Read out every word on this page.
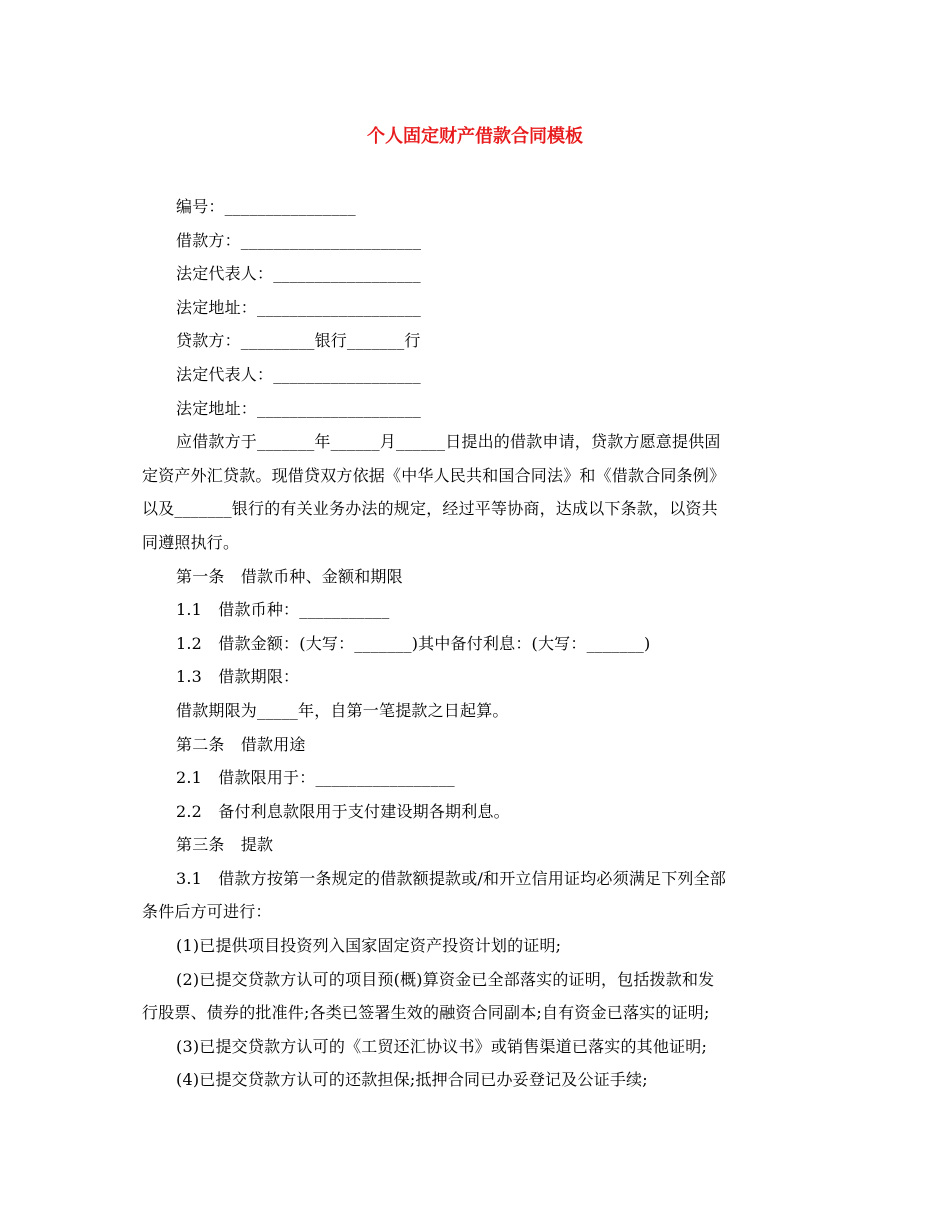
个人固定财产借款合同模板

编号：________________

借款方：______________________

法定代表人：__________________

法定地址：____________________

贷款方：_________银行_______行

法定代表人：__________________

法定地址：____________________

应借款方于_______年______月______日提出的借款申请，贷款方愿意提供固

定资产外汇贷款。现借贷双方依据《中华人民共和国合同法》和《借款合同条例》

以及_______银行的有关业务办法的规定，经过平等协商，达成以下条款，以资共

同遵照执行。

第一条　借款币种、金额和期限

1.1　借款币种：___________

1.2　借款金额：(大写：_______)其中备付利息：(大写：_______)

1.3　借款期限：

借款期限为_____年，自第一笔提款之日起算。

第二条　借款用途

2.1　借款限用于：_________________

2.2　备付利息款限用于支付建设期各期利息。

第三条　提款

3.1　借款方按第一条规定的借款额提款或/和开立信用证均必须满足下列全部

条件后方可进行：

(1)已提供项目投资列入国家固定资产投资计划的证明;

(2)已提交贷款方认可的项目预(概)算资金已全部落实的证明，包括拨款和发

行股票、债券的批准件;各类已签署生效的融资合同副本;自有资金已落实的证明;

(3)已提交贷款方认可的《工贸还汇协议书》或销售渠道已落实的其他证明;

(4)已提交贷款方认可的还款担保;抵押合同已办妥登记及公证手续;
